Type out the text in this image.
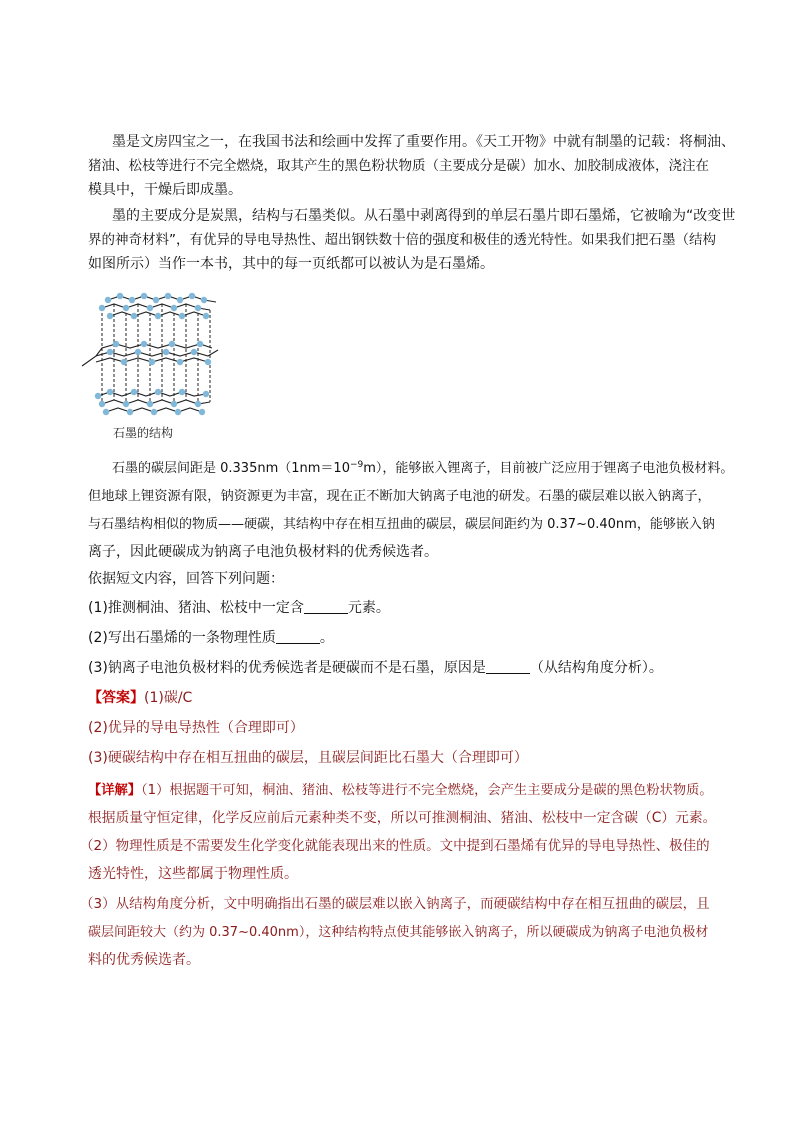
墨是文房四宝之一，在我国书法和绘画中发挥了重要作用。《天工开物》中就有制墨的记载：将桐油、
猪油、松枝等进行不完全燃烧，取其产生的黑色粉状物质（主要成分是碳）加水、加胶制成液体，浇注在
模具中，干燥后即成墨。
墨的主要成分是炭黑，结构与石墨类似。从石墨中剥离得到的单层石墨片即石墨烯，它被喻为“改变世
界的神奇材料”，有优异的导电导热性、超出钢铁数十倍的强度和极佳的透光特性。如果我们把石墨（结构
如图所示）当作一本书，其中的每一页纸都可以被认为是石墨烯。
石墨的结构
石墨的碳层间距是 $0.335nm(1nm=10^{-9}m)$，能够嵌入锂离子，目前被广泛应用于锂离子电池负极材料。
但地球上锂资源有限，钠资源更为丰富，现在正不断加大钠离子电池的研发。石墨的碳层难以嵌入钠离子，
与石墨结构相似的物质——硬碳，其结构中存在相互扭曲的碳层，碳层间距约为 0.37~0.40nm，能够嵌入钠
离子，因此硬碳成为钠离子电池负极材料的优秀候选者。
依据短文内容，回答下列问题：
(1)推测桐油、猪油、松枝中一定含	元素。
(2)写出石墨烯的一条物理性质	。
(3)钠离子电池负极材料的优秀候选者是硬碳而不是石墨，原因是	（从结构角度分析）。
【答案】(1)碳/C
(2)优异的导电导热性（合理即可）
(3)硬碳结构中存在相互扭曲的碳层，且碳层间距比石墨大（合理即可）
【详解】（1）根据题干可知，桐油、猪油、松枝等进行不完全燃烧，会产生主要成分是碳的黑色粉状物质。
根据质量守恒定律，化学反应前后元素种类不变，所以可推测桐油、猪油、松枝中一定含碳（C）元素。
（2）物理性质是不需要发生化学变化就能表现出来的性质。文中提到石墨烯有优异的导电导热性、极佳的
透光特性，这些都属于物理性质。
（3）从结构角度分析，文中明确指出石墨的碳层难以嵌入钠离子，而硬碳结构中存在相互扭曲的碳层，且
碳层间距较大（约为 0.37~0.40nm），这种结构特点使其能够嵌入钠离子，所以硬碳成为钠离子电池负极材
料的优秀候选者。
